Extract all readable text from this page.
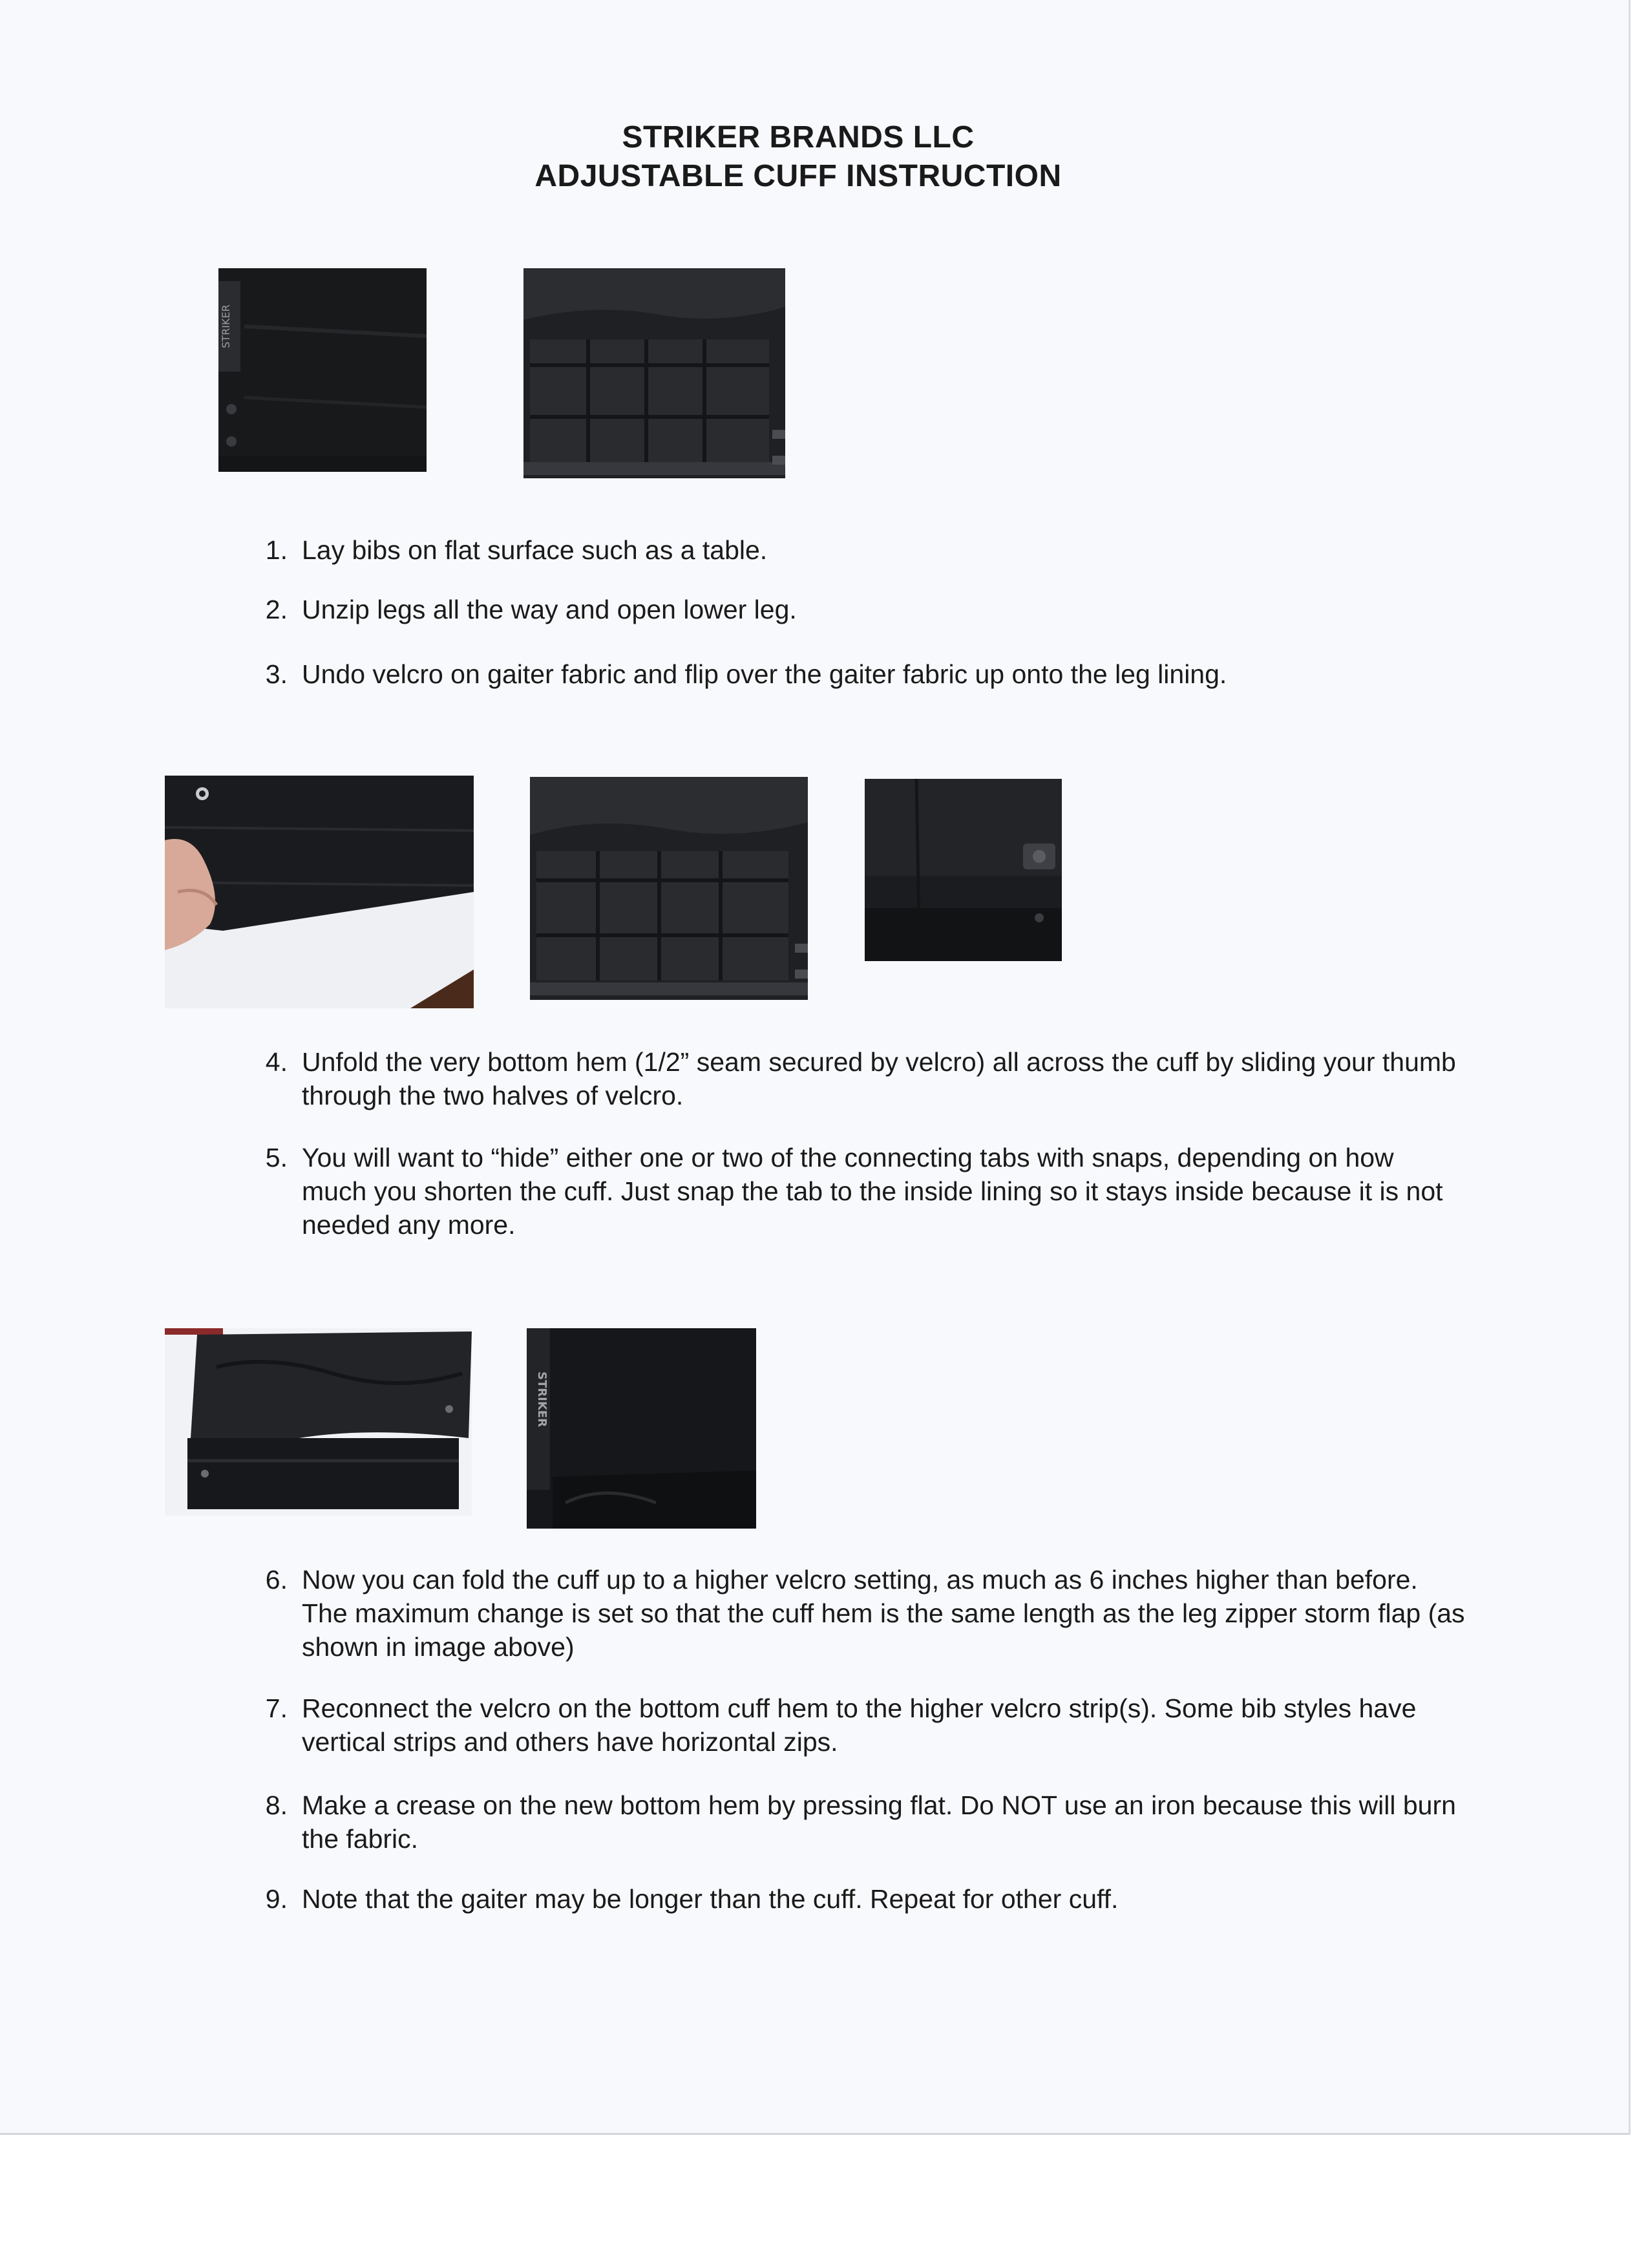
STRIKER BRANDS LLC
ADJUSTABLE CUFF INSTRUCTION
STRIKER
1. Lay bibs on flat surface such as a table.
2. Unzip legs all the way and open lower leg.
3. Undo velcro on gaiter fabric and flip over the gaiter fabric up onto the leg lining.
4. Unfold the very bottom hem (1/2” seam secured by velcro) all across the cuff by sliding your thumb through the two halves of velcro.
5. You will want to “hide” either one or two of the connecting tabs with snaps, depending on how much you shorten the cuff. Just snap the tab to the inside lining so it stays inside because it is not needed any more.
STRIKER
6. Now you can fold the cuff up to a higher velcro setting, as much as 6 inches higher than before. The maximum change is set so that the cuff hem is the same length as the leg zipper storm flap (as shown in image above)
7. Reconnect the velcro on the bottom cuff hem to the higher velcro strip(s). Some bib styles have vertical strips and others have horizontal zips.
8. Make a crease on the new bottom hem by pressing flat. Do NOT use an iron because this will burn the fabric.
9. Note that the gaiter may be longer than the cuff. Repeat for other cuff.
